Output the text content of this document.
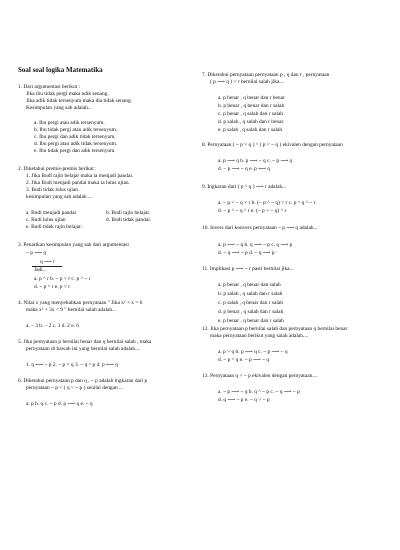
Soal soal logika Matematika
1. Dari argumentasi berikut :
Jika ibu tidak pergi maka adik senang.
Jika adik tidak tersenyum maka dia tidak senang.
Kesimpulan yang sah adalah...
a. Ibu pergi atau adik tersenyum.
b. Ibu tidak pergi atau adik tersenyum.
c. Ibu pergi dan adik tidak tersenyum.
d. Ibu pergi atau adik tidak tersenyum.
e. Ibu tidak pergi dan adik tersenyum.
2. Diketahui premis-premis berikut :
1. Jika Budi rajin belajar maka ia menjadi pandai.
2. Jika Budi menjadi pandai maka ia lulus ujian.
3. Budi tidak lulus ujian .
kesimpulan yang sah adalah ...
a. Budi menjadi pandai	b. Budi rajin belajar.
c. Budi lulus ujian	d. Budi tidak pandai.
e. Budi tidak rajin belajar.
3. Penarikan kesimpulan yang sah dari argumentasi
~ p ⟶ q
q ⟶ r
Jadi...
a. p ^ r b. ~ p ˅ r c. p ^ ~ r
d. ~ p ^ r e. p ˅ r
4. Nilai x yang menyebabkan pernyataan " Jika x² + x = 6
maka x² + 3x < 9 " bernilai salah adalah...
a. – 3 b. – 2 c. 1 d. 2 e. 6
5. Jika pernyataan p bernilai benar dan q bernilai salah , maka
pernyataan di bawah ini yang bernilai salah adalah....
1. q ⟷ ~ p 2. ~ p ˅ q 3. ~ q ^ p 4. p ⟷ q
6. Diketahui pernyataan p dan q , ~ p adalah ingkaran dari p
pernyataan ~ p ˅ ( q ˅ ~ p ) senilai dengan ...
a. p b. q c. ~ p d. p ⟶ q e. ~ q
7. Diketahui pernyataan pernyataan p , q dan r , pernyataan
( p ⟶ q ) ˅ r bernilai salah jika....
a. p benar , q benar dan r benar
b. p benar , q benar dan r salah
c. p benar , q salah dan r salah
d. p salah , q salah dan r benar
e. p salah , q salah dan r salah
8. Pernyataan ( ~ p ˅ q ) ^ ( p ˅ ~ q ) ekivalen dengan pernyataan
a. p ⟶ q b. p ⟶ ~ q c. ~ p ⟶ q
d. ~ p ⟶ ~ q e. p ⟷ q
9. Ingkaran dari ( p ^ q ) ⟶ r adalah...
a. ~ p ˅ ~ q ˅ r b. (~ p ^ ~ q) ˅ r c. p ^ q ^ ~ r
d. ~ p ^ ~ q ^ r e. (~ p ˅ ~ q) ^ r
10. Invers dari konvers pernyataan ~ p ⟶ q adalah...
a. p ⟶ ~ q b. q ⟶ ~ p c. q ⟶ p
d. ~ q ⟶ ~ p d. ~ q ⟶ p
11. Implikasi p ⟶ ~ r pasti bernilai jika...
a. p benar , q benar dan salah
b. p salah , q salah dan r salah
c. p salah , q benar dan r salah
d. p benar , q salah dan r salah
e. p benar , q benar dan r salah
12. Jika pernyataan p bernilai salah dan pernyataan q bernilai benar
maka pernyataan berikut yang salah adalah....
a. p ˅ q b. p ⟶ q c. ~ p ⟶ ~ q
d. ~ p ^ q e. ~ p ⟶ ~ q
13. Pernyataan q ˅ ~ p ekivalen dengan pernyataan....
a. ~ p ⟶ ~ q b. q ^ ~ p c. ~ q ⟶ ~ p
d. q ⟶ ~ p e. ~ q ˅ ~ p
